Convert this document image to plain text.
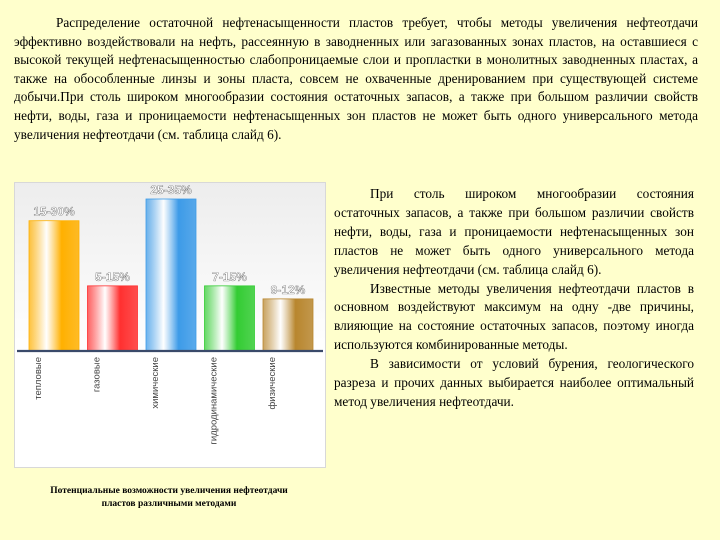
Распределение остаточной нефтенасыщенности пластов требует, чтобы методы увеличения нефтеотдачи эффективно воздействовали на нефть, рассеянную в заводненных или загазованных зонах пластов, на оставшиеся с высокой текущей нефтенасыщенностью слабопроницаемые слои и пропластки в монолитных заводненных пластах, а также на обособленные линзы и зоны пласта, совсем не охваченные дренированием при существующей системе добычи.При столь широком многообразии состояния остаточных запасов, а также при большом различии свойств нефти, воды, газа и проницаемости нефтенасыщенных зон пластов не может быть одного универсального метода увеличения нефтеотдачи (см. таблица слайд 6).

15-30%
тепловые
5-15%
газовые
25-35%
химические
7-15%
гидродинамические
9-12%
физические
Потенциальные возможности увеличения нефтеотдачи
пластов различными методами

При столь широком многообразии состояния остаточных запасов, а также при большом различии свойств нефти, воды, газа и проницаемости нефтенасыщенных зон пластов не может быть одного универсального метода увеличения нефтеотдачи (см. таблица слайд 6).

Известные методы увеличения нефтеотдачи пластов в основном воздействуют максимум на одну -две причины, влияющие на состояние остаточных запасов, поэтому иногда используются комбинированные методы.

В зависимости от условий бурения, геологического разреза и прочих данных выбирается наиболее оптимальный метод увеличения нефтеотдачи.
